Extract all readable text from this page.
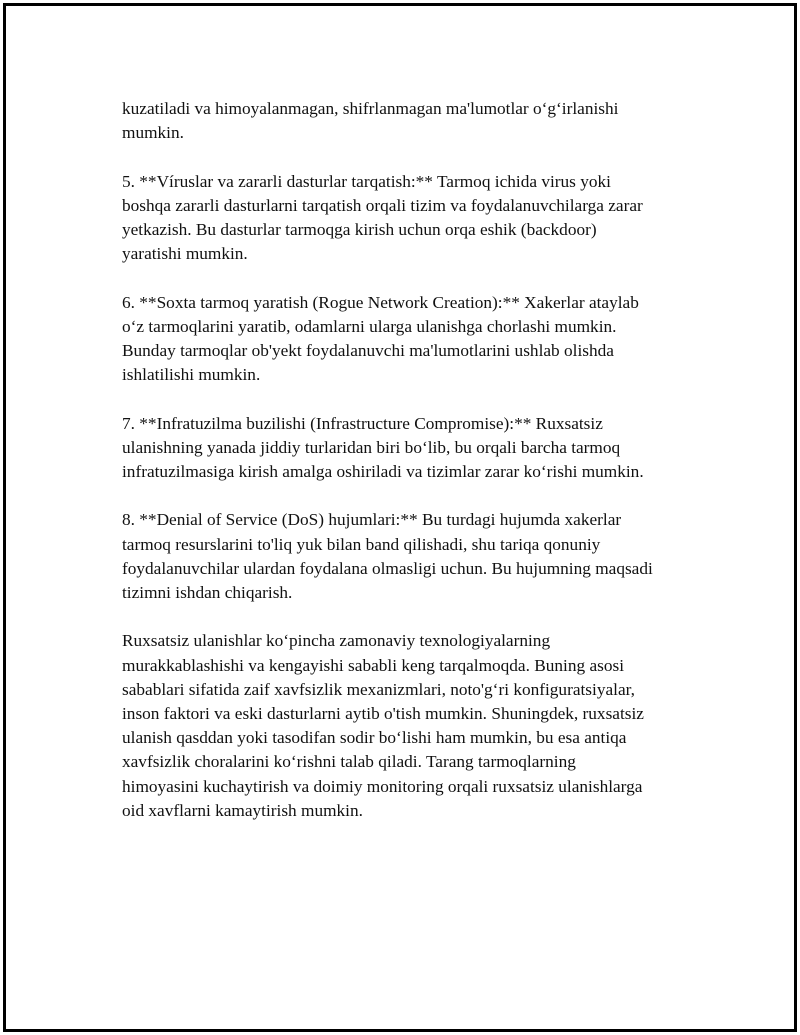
kuzatiladi va himoyalanmagan, shifrlanmagan ma'lumotlar o‘g‘irlanishi
mumkin.

5. **Víruslar va zararli dasturlar tarqatish:** Tarmoq ichida virus yoki
boshqa zararli dasturlarni tarqatish orqali tizim va foydalanuvchilarga zarar
yetkazish. Bu dasturlar tarmoqga kirish uchun orqa eshik (backdoor)
yaratishi mumkin.

6. **Soxta tarmoq yaratish (Rogue Network Creation):** Xakerlar ataylab
o‘z tarmoqlarini yaratib, odamlarni ularga ulanishga chorlashi mumkin.
Bunday tarmoqlar ob'yekt foydalanuvchi ma'lumotlarini ushlab olishda
ishlatilishi mumkin.

7. **Infratuzilma buzilishi (Infrastructure Compromise):** Ruxsatsiz
ulanishning yanada jiddiy turlaridan biri bo‘lib, bu orqali barcha tarmoq
infratuzilmasiga kirish amalga oshiriladi va tizimlar zarar ko‘rishi mumkin.

8. **Denial of Service (DoS) hujumlari:** Bu turdagi hujumda xakerlar
tarmoq resurslarini to'liq yuk bilan band qilishadi, shu tariqa qonuniy
foydalanuvchilar ulardan foydalana olmasligi uchun. Bu hujumning maqsadi
tizimni ishdan chiqarish.

Ruxsatsiz ulanishlar ko‘pincha zamonaviy texnologiyalarning
murakkablashishi va kengayishi sababli keng tarqalmoqda. Buning asosi
sabablari sifatida zaif xavfsizlik mexanizmlari, noto'g‘ri konfiguratsiyalar,
inson faktori va eski dasturlarni aytib o'tish mumkin. Shuningdek, ruxsatsiz
ulanish qasddan yoki tasodifan sodir bo‘lishi ham mumkin, bu esa antiqa
xavfsizlik choralarini ko‘rishni talab qiladi. Tarang tarmoqlarning
himoyasini kuchaytirish va doimiy monitoring orqali ruxsatsiz ulanishlarga
oid xavflarni kamaytirish mumkin.
